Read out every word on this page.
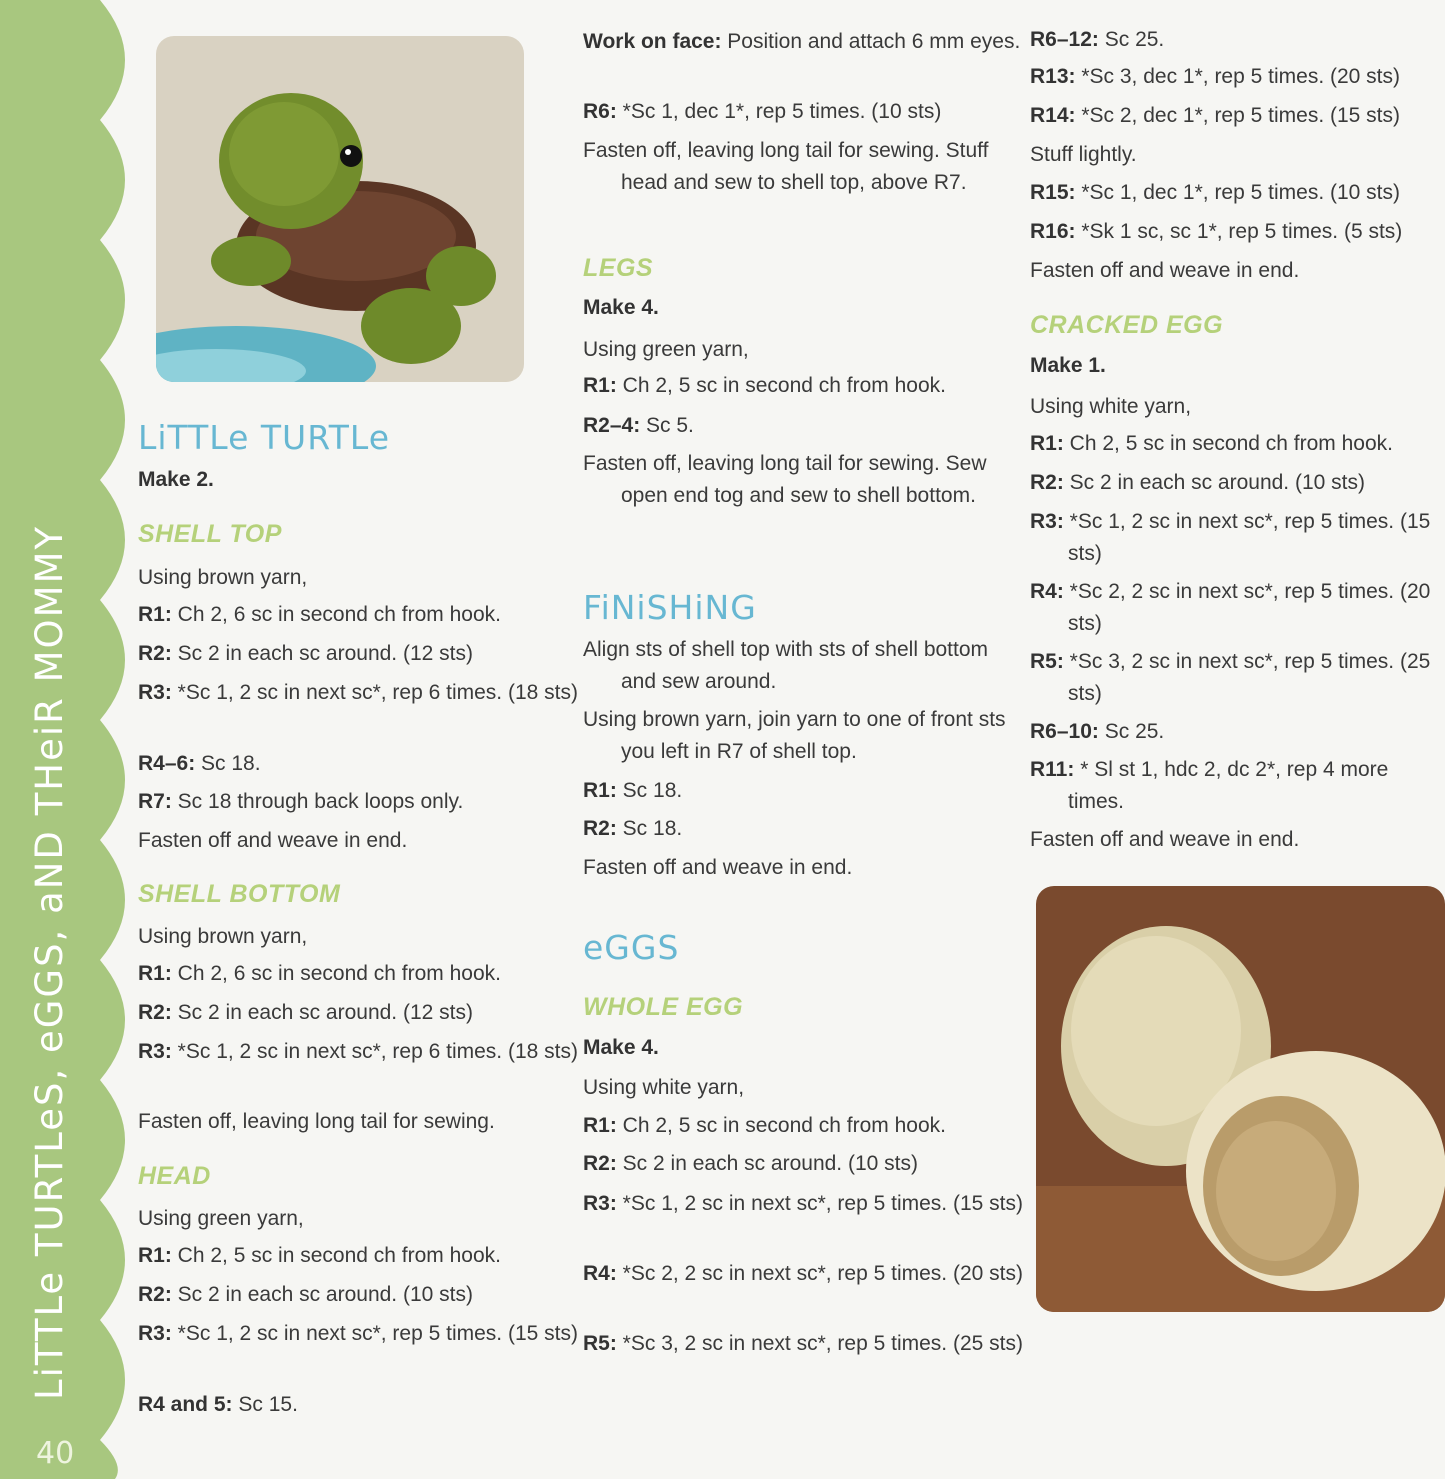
LiTTLe TURTLeS, eGGS, aND THeiR MOMMY
40
LiTTLe TURTLe
Make 2.
SHELL TOP
Using brown yarn,
R1: Ch 2, 6 sc in second ch from hook.
R2: Sc 2 in each sc around. (12 sts)
R3: *Sc 1, 2 sc in next sc*, rep 6 times. (18 sts)
R4–6: Sc 18.
R7: Sc 18 through back loops only.
Fasten off and weave in end.
SHELL BOTTOM
Using brown yarn,
R1: Ch 2, 6 sc in second ch from hook.
R2: Sc 2 in each sc around. (12 sts)
R3: *Sc 1, 2 sc in next sc*, rep 6 times. (18 sts)
Fasten off, leaving long tail for sewing.
HEAD
Using green yarn,
R1: Ch 2, 5 sc in second ch from hook.
R2: Sc 2 in each sc around. (10 sts)
R3: *Sc 1, 2 sc in next sc*, rep 5 times. (15 sts)
R4 and 5: Sc 15.
Work on face: Position and attach 6 mm eyes.
R6: *Sc 1, dec 1*, rep 5 times. (10 sts)
Fasten off, leaving long tail for sewing. Stuff head and sew to shell top, above R7.
LEGS
Make 4.
Using green yarn,
R1: Ch 2, 5 sc in second ch from hook.
R2–4: Sc 5.
Fasten off, leaving long tail for sewing. Sew open end tog and sew to shell bottom.
FiNiSHiNG
Align sts of shell top with sts of shell bottom and sew around.
Using brown yarn, join yarn to one of front sts you left in R7 of shell top.
R1: Sc 18.
R2: Sc 18.
Fasten off and weave in end.
eGGS
WHOLE EGG
Make 4.
Using white yarn,
R1: Ch 2, 5 sc in second ch from hook.
R2: Sc 2 in each sc around. (10 sts)
R3: *Sc 1, 2 sc in next sc*, rep 5 times. (15 sts)
R4: *Sc 2, 2 sc in next sc*, rep 5 times. (20 sts)
R5: *Sc 3, 2 sc in next sc*, rep 5 times. (25 sts)
R6–12: Sc 25.
R13: *Sc 3, dec 1*, rep 5 times. (20 sts)
R14: *Sc 2, dec 1*, rep 5 times. (15 sts)
Stuff lightly.
R15: *Sc 1, dec 1*, rep 5 times. (10 sts)
R16: *Sk 1 sc, sc 1*, rep 5 times. (5 sts)
Fasten off and weave in end.
CRACKED EGG
Make 1.
Using white yarn,
R1: Ch 2, 5 sc in second ch from hook.
R2: Sc 2 in each sc around. (10 sts)
R3: *Sc 1, 2 sc in next sc*, rep 5 times. (15 sts)
R4: *Sc 2, 2 sc in next sc*, rep 5 times. (20 sts)
R5: *Sc 3, 2 sc in next sc*, rep 5 times. (25 sts)
R6–10: Sc 25.
R11: * Sl st 1, hdc 2, dc 2*, rep 4 more times.
Fasten off and weave in end.
